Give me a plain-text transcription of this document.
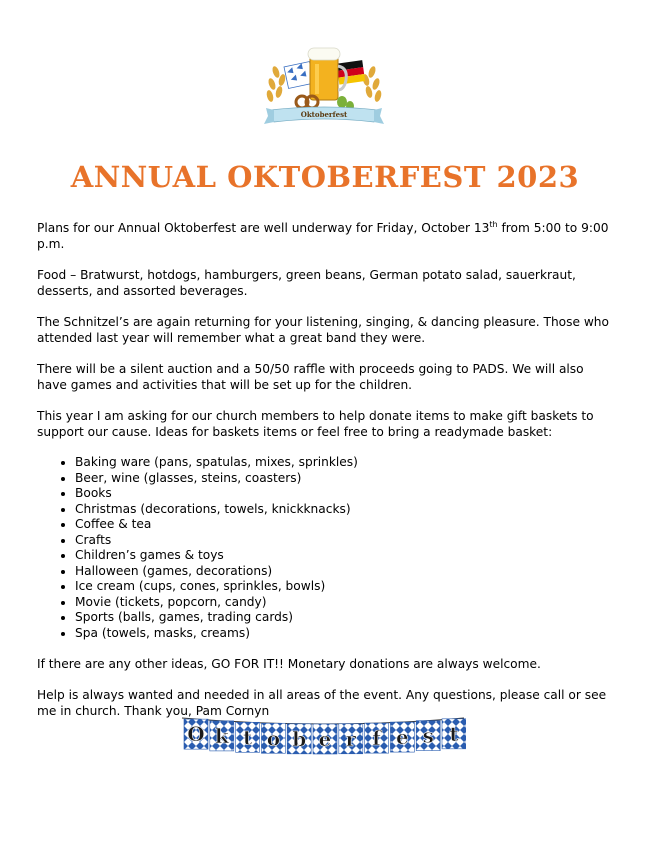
Oktoberfest
ANNUAL OKTOBERFEST 2023

Plans for our Annual Oktoberfest are well underway for Friday, October 13th from 5:00 to 9:00 p.m.

Food – Bratwurst, hotdogs, hamburgers, green beans, German potato salad, sauerkraut, desserts, and assorted beverages.

The Schnitzel’s are again returning for your listening, singing, & dancing pleasure. Those who attended last year will remember what a great band they were.

There will be a silent auction and a 50/50 raffle with proceeds going to PADS. We will also have games and activities that will be set up for the children.

This year I am asking for our church members to help donate items to make gift baskets to support our cause. Ideas for baskets items or feel free to bring a readymade basket:

• Baking ware (pans, spatulas, mixes, sprinkles)
• Beer, wine (glasses, steins, coasters)
• Books
• Christmas (decorations, towels, knickknacks)
• Coffee & tea
• Crafts
• Children’s games & toys
• Halloween (games, decorations)
• Ice cream (cups, cones, sprinkles, bowls)
• Movie (tickets, popcorn, candy)
• Sports (balls, games, trading cards)
• Spa (towels, masks, creams)

If there are any other ideas, GO FOR IT!! Monetary donations are always welcome.

Help is always wanted and needed in all areas of the event. Any questions, please call or see me in church. Thank you, Pam Cornyn

O k t o b e r f e s t
